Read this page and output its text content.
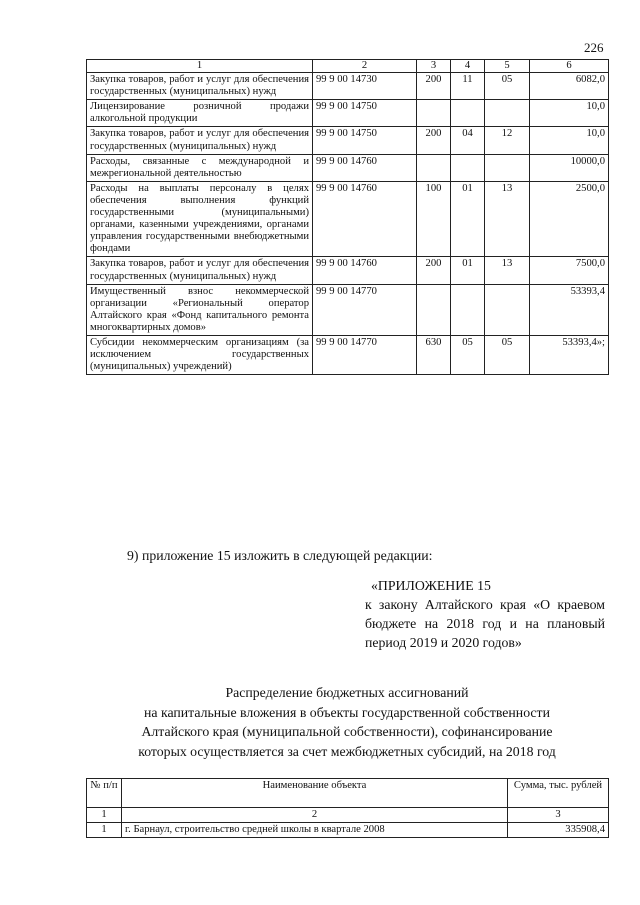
226
1	2	3	4	5	6
Закупка товаров, работ и услуг для обеспечения государственных (муниципальных) нужд	99 9 00 14730	200	11	05	6082,0
Лицензирование розничной продажи алкогольной продукции	99 9 00 14750				10,0
Закупка товаров, работ и услуг для обеспечения государственных (муниципальных) нужд	99 9 00 14750	200	04	12	10,0
Расходы, связанные с международной и межрегиональной деятельностью	99 9 00 14760				10000,0
Расходы на выплаты персоналу в целях обеспечения выполнения функций государственными (муниципальными) органами, казенными учреждениями, органами управления государственными внебюджетными фондами	99 9 00 14760	100	01	13	2500,0
Закупка товаров, работ и услуг для обеспечения государственных (муниципальных) нужд	99 9 00 14760	200	01	13	7500,0
Имущественный взнос некоммерческой организации «Региональный оператор Алтайского края «Фонд капитального ремонта многоквартирных домов»	99 9 00 14770				53393,4
Субсидии некоммерческим организациям (за исключением государственных (муниципальных) учреждений)	99 9 00 14770	630	05	05	53393,4»;
9) приложение 15 изложить в следующей редакции:
«ПРИЛОЖЕНИЕ 15
к закону Алтайского края «О краевом бюджете на 2018 год и на плановый период 2019 и 2020 годов»
Распределение бюджетных ассигнований
на капитальные вложения в объекты государственной собственности
Алтайского края (муниципальной собственности), софинансирование
которых осуществляется за счет межбюджетных субсидий, на 2018 год
№ п/п	Наименование объекта	Сумма, тыс. рублей
1	2	3
1	г. Барнаул, строительство средней школы в квартале 2008	335908,4
